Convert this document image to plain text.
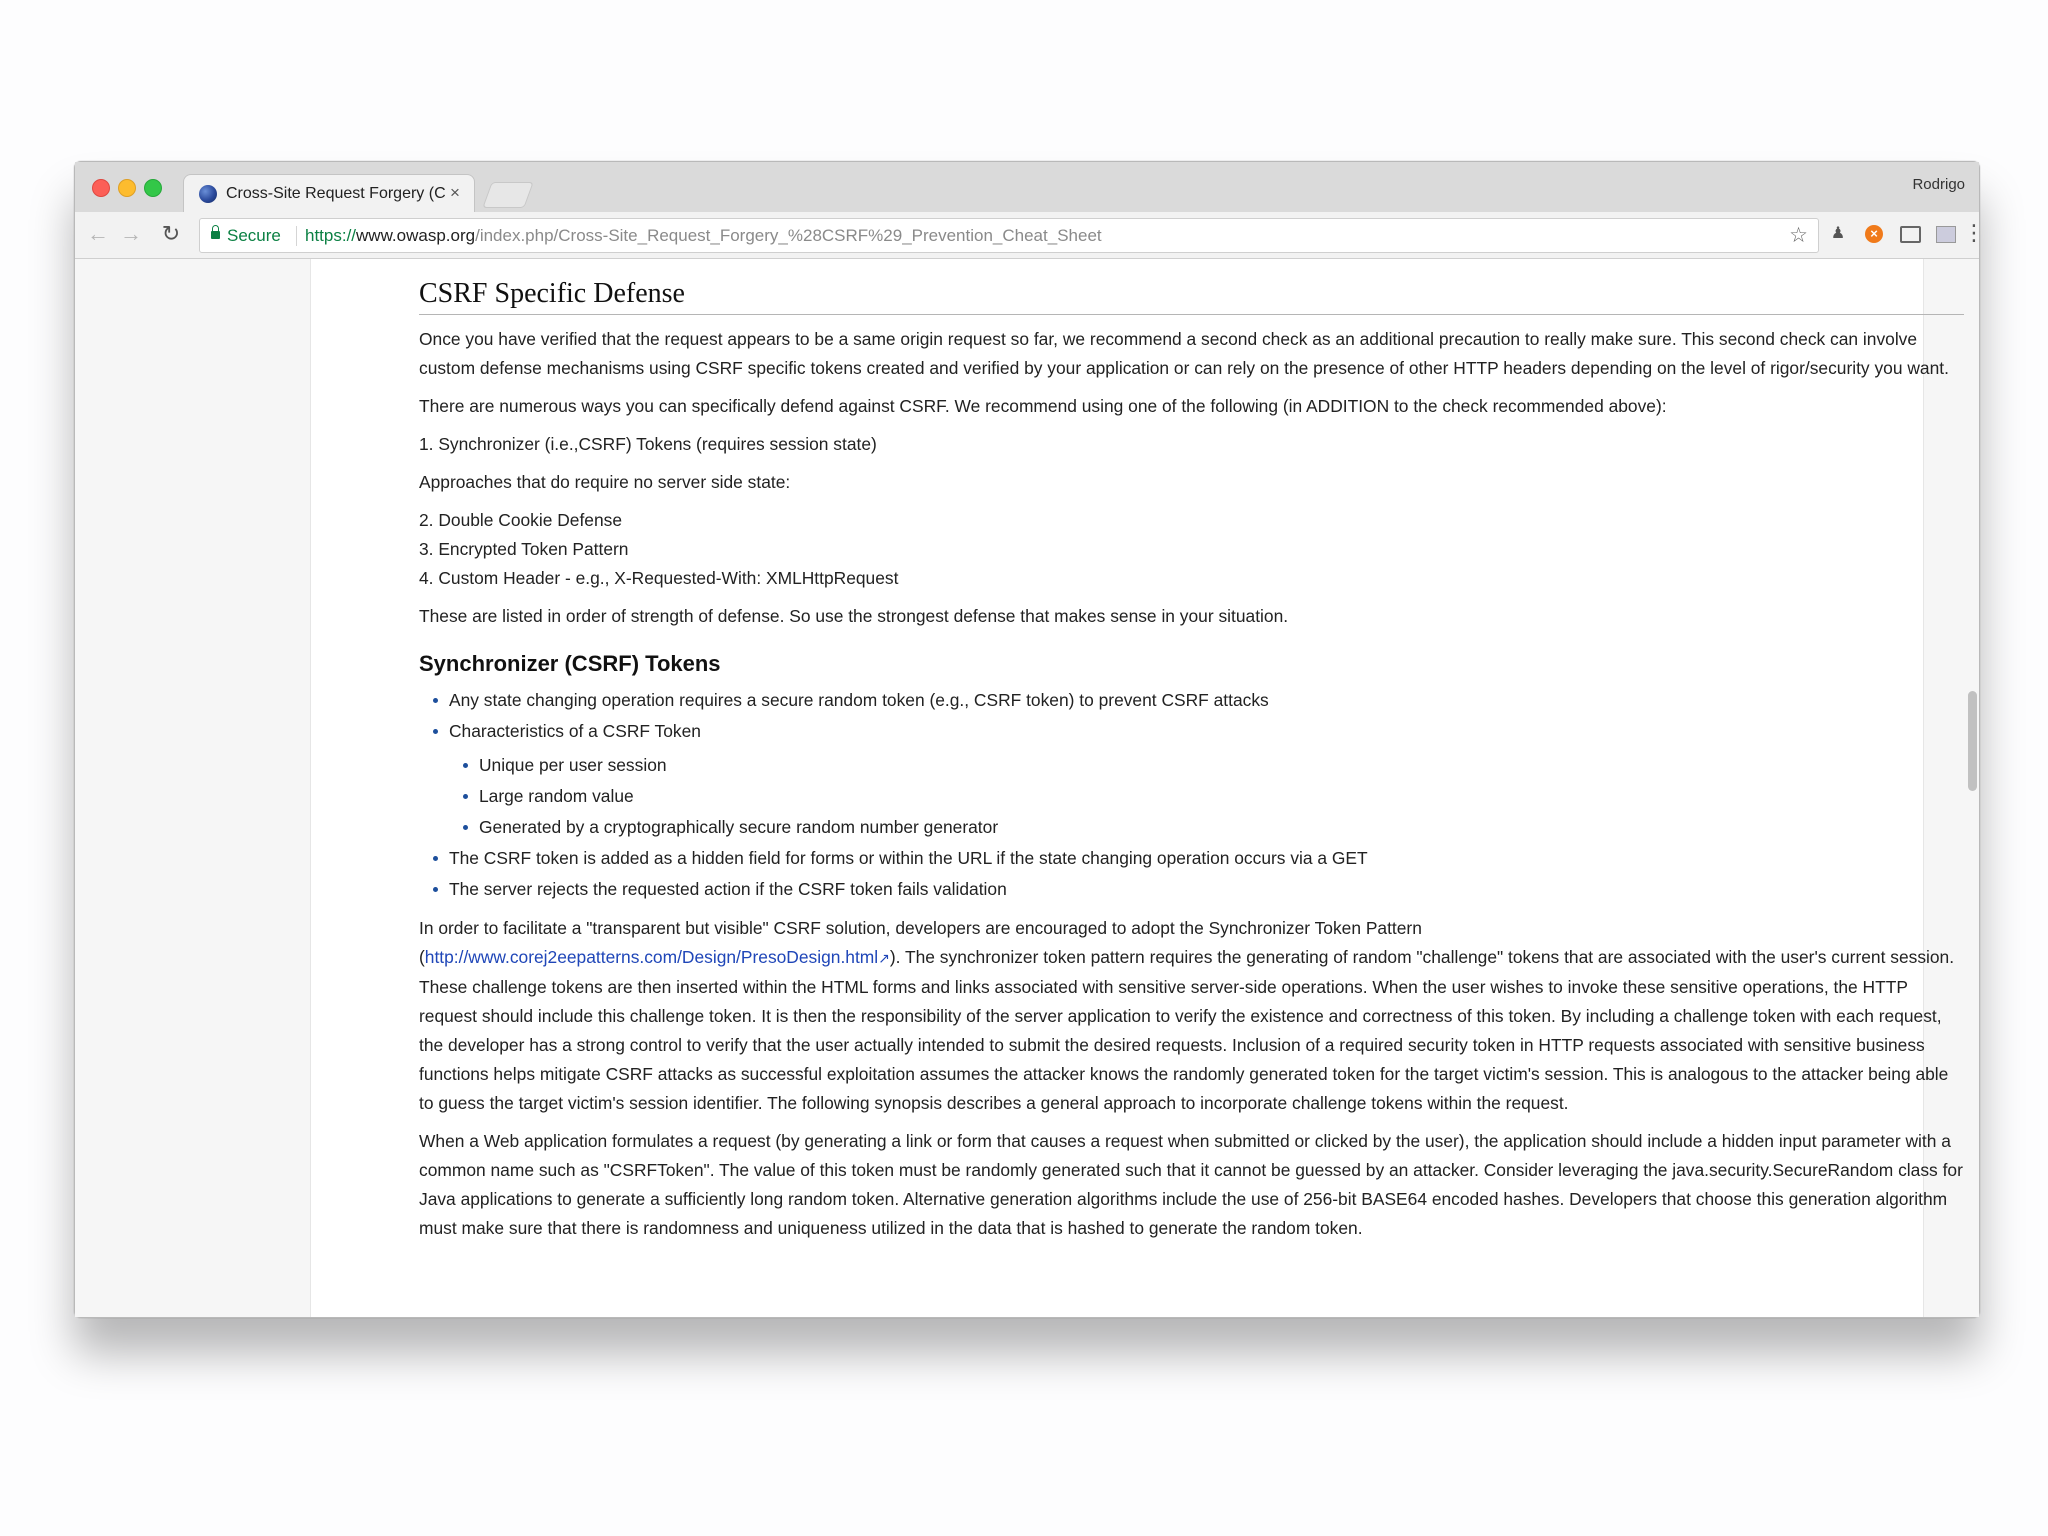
Cross-Site Request Forgery (C ×	Rodrigo
← → ↻	Secure https://www.owasp.org/index.php/Cross-Site_Request_Forgery_%28CSRF%29_Prevention_Cheat_Sheet	☆ ♟	×	⋮
CSRF Specific Defense

Once you have verified that the request appears to be a same origin request so far, we recommend a second check as an additional precaution to really make sure. This second check can involve custom defense mechanisms using CSRF specific tokens created and verified by your application or can rely on the presence of other HTTP headers depending on the level of rigor/security you want.

There are numerous ways you can specifically defend against CSRF. We recommend using one of the following (in ADDITION to the check recommended above):

1. Synchronizer (i.e.,CSRF) Tokens (requires session state)

Approaches that do require no server side state:

2. Double Cookie Defense
3. Encrypted Token Pattern
4. Custom Header - e.g., X-Requested-With: XMLHttpRequest

These are listed in order of strength of defense. So use the strongest defense that makes sense in your situation.

Synchronizer (CSRF) Tokens
Any state changing operation requires a secure random token (e.g., CSRF token) to prevent CSRF attacks
Characteristics of a CSRF Token
Unique per user session
Large random value
Generated by a cryptographically secure random number generator
The CSRF token is added as a hidden field for forms or within the URL if the state changing operation occurs via a GET
The server rejects the requested action if the CSRF token fails validation

In order to facilitate a "transparent but visible" CSRF solution, developers are encouraged to adopt the Synchronizer Token Pattern
(http://www.corej2eepatterns.com/Design/PresoDesign.html↗). The synchronizer token pattern requires the generating of random "challenge" tokens that are associated with the user's current session. These challenge tokens are then inserted within the HTML forms and links associated with sensitive server-side operations. When the user wishes to invoke these sensitive operations, the HTTP request should include this challenge token. It is then the responsibility of the server application to verify the existence and correctness of this token. By including a challenge token with each request, the developer has a strong control to verify that the user actually intended to submit the desired requests. Inclusion of a required security token in HTTP requests associated with sensitive business functions helps mitigate CSRF attacks as successful exploitation assumes the attacker knows the randomly generated token for the target victim's session. This is analogous to the attacker being able to guess the target victim's session identifier. The following synopsis describes a general approach to incorporate challenge tokens within the request.

When a Web application formulates a request (by generating a link or form that causes a request when submitted or clicked by the user), the application should include a hidden input parameter with a common name such as "CSRFToken". The value of this token must be randomly generated such that it cannot be guessed by an attacker. Consider leveraging the java.security.SecureRandom class for Java applications to generate a sufficiently long random token. Alternative generation algorithms include the use of 256-bit BASE64 encoded hashes. Developers that choose this generation algorithm must make sure that there is randomness and uniqueness utilized in the data that is hashed to generate the random token.
